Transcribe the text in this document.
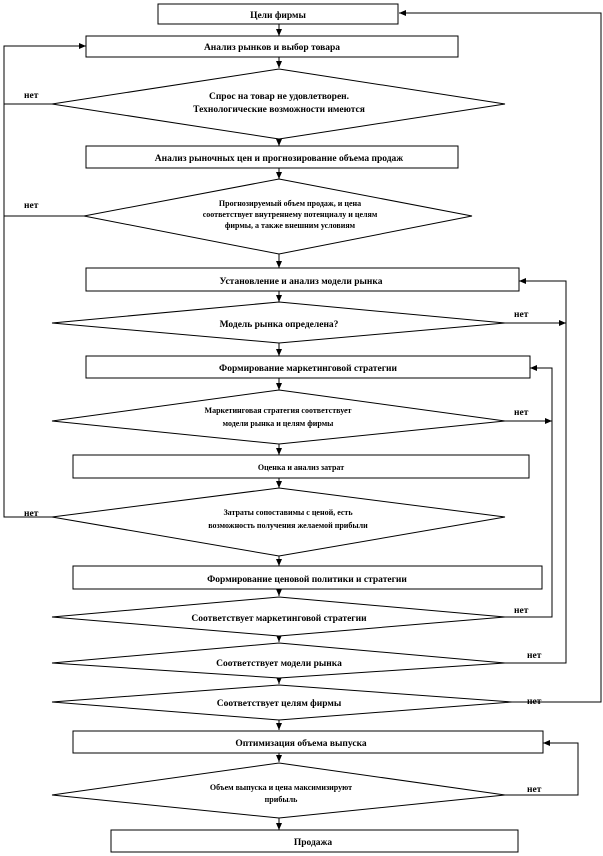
Цели фирмы
Анализ рынков и выбор товара
Спрос на товар не удовлетворен.
Технологические возможности имеются
Анализ рыночных цен и прогнозирование объема продаж
Прогнозируемый объем продаж, и цена
соответствует внутреннему потенциалу и целям
фирмы, а также внешним условиям
Установление и анализ модели рынка
Модель рынка определена?
Формирование маркетинговой стратегии
Маркетинговая стратегия соответствует
модели рынка и целям фирмы
Оценка и анализ затрат
Затраты сопоставимы с ценой, есть
возможность получения желаемой прибыли
Формирование ценовой политики и стратегии
Соответствует маркетинговой стратегии
Соответствует модели рынка
Соответствует целям фирмы
Оптимизация объема выпуска
Объем выпуска и цена максимизируют
прибыль
Продажа
нет
нет
нет
нет
нет
нет
нет
нет
нет
